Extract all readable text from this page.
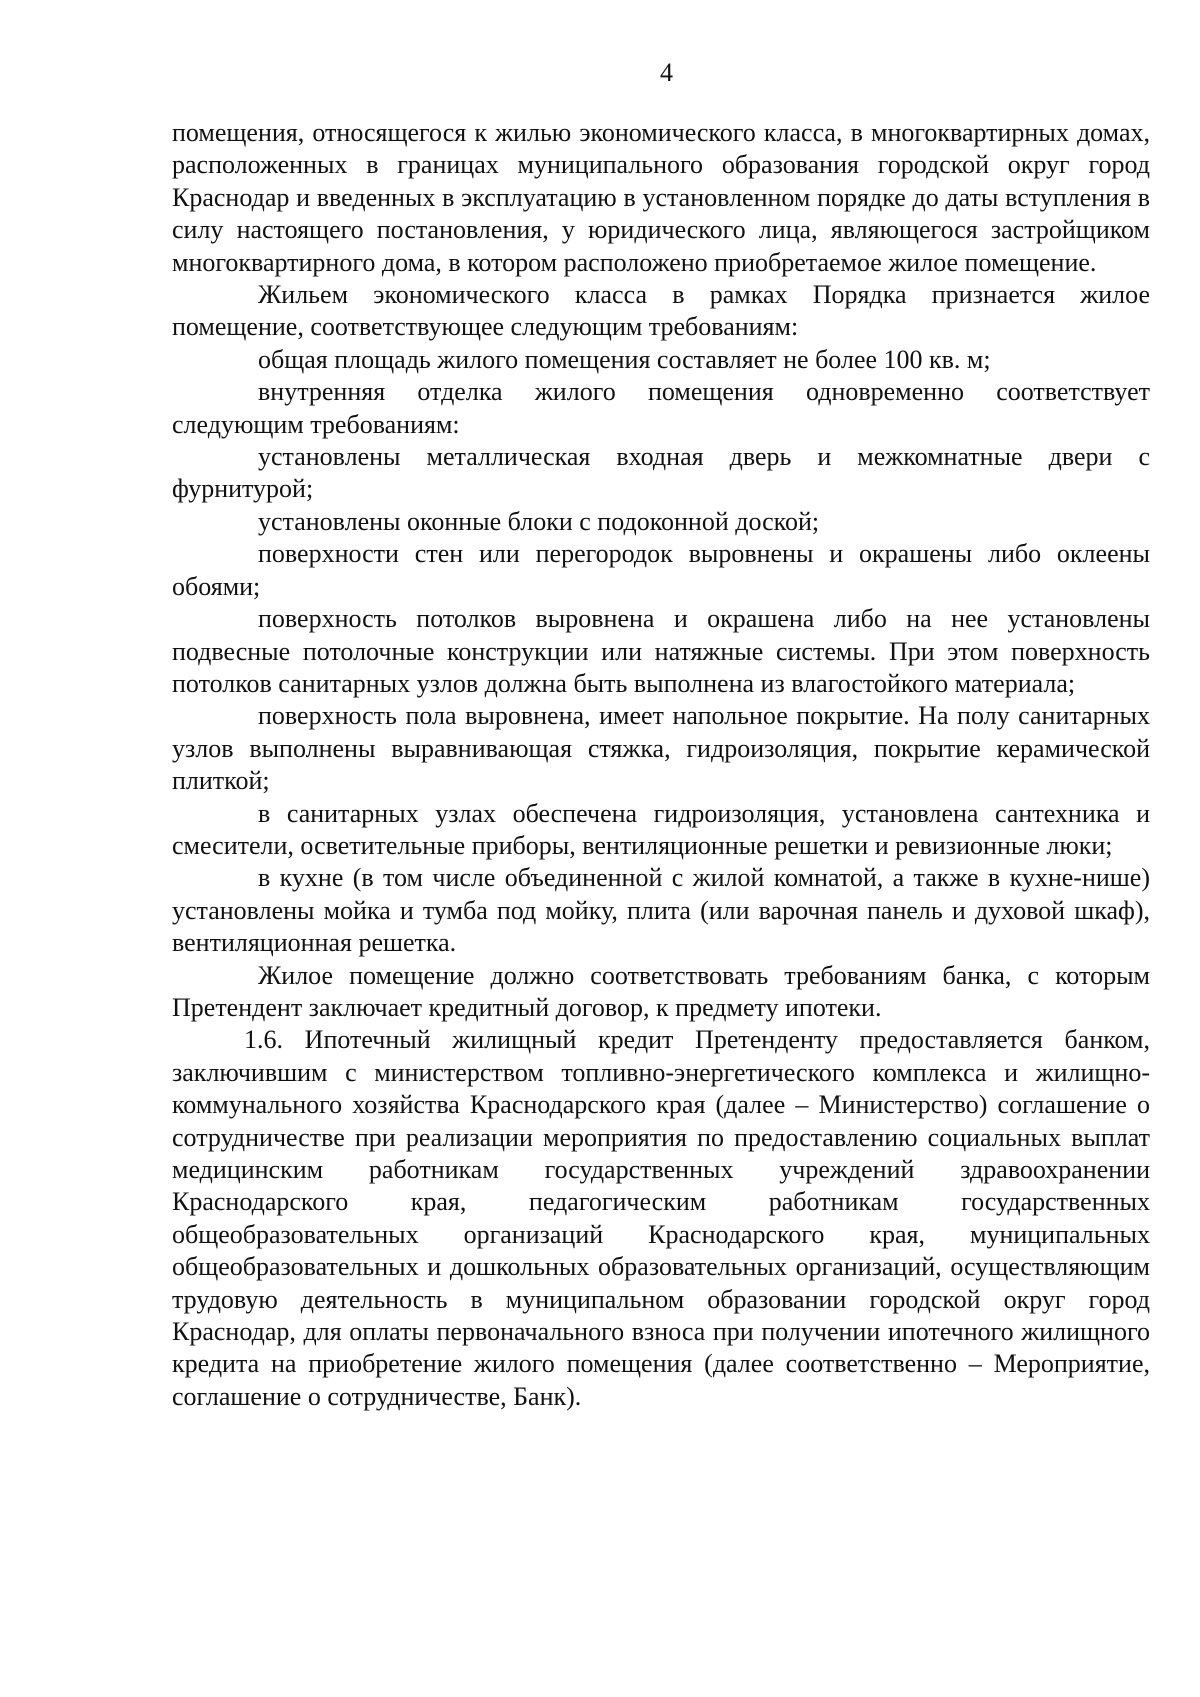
4

помещения, относящегося к жилью экономического класса, в многоквартирных домах, расположенных в границах муниципального образования городской округ город Краснодар и введенных в эксплуатацию в установленном порядке до даты вступления в силу настоящего постановления, у юридического лица, являющегося застройщиком многоквартирного дома, в котором расположено приобретаемое жилое помещение.

Жильем экономического класса в рамках Порядка признается жилое помещение, соответствующее следующим требованиям:

общая площадь жилого помещения составляет не более 100 кв. м;

внутренняя отделка жилого помещения одновременно соответствует следующим требованиям:

установлены металлическая входная дверь и межкомнатные двери с фурнитурой;

установлены оконные блоки с подоконной доской;

поверхности стен или перегородок выровнены и окрашены либо оклеены обоями;

поверхность потолков выровнена и окрашена либо на нее установлены подвесные потолочные конструкции или натяжные системы. При этом поверхность потолков санитарных узлов должна быть выполнена из влагостойкого материала;

поверхность пола выровнена, имеет напольное покрытие. На полу санитарных узлов выполнены выравнивающая стяжка, гидроизоляция, покрытие керамической плиткой;

в санитарных узлах обеспечена гидроизоляция, установлена сантехника и смесители, осветительные приборы, вентиляционные решетки и ревизионные люки;

в кухне (в том числе объединенной с жилой комнатой, а также в кухне-нише) установлены мойка и тумба под мойку, плита (или варочная панель и духовой шкаф), вентиляционная решетка.

Жилое помещение должно соответствовать требованиям банка, с которым Претендент заключает кредитный договор, к предмету ипотеки.

1.6. Ипотечный жилищный кредит Претенденту предоставляется банком, заключившим с министерством топливно-энергетического комплекса и жилищно-коммунального хозяйства Краснодарского края (далее – Министерство) соглашение о сотрудничестве при реализации мероприятия по предоставлению социальных выплат медицинским работникам государственных учреждений здравоохранении Краснодарского края, педагогическим работникам государственных общеобразовательных организаций Краснодарского края, муниципальных общеобразовательных и дошкольных образовательных организаций, осуществляющим трудовую деятельность в муниципальном образовании городской округ город Краснодар, для оплаты первоначального взноса при получении ипотечного жилищного кредита на приобретение жилого помещения (далее соответственно – Мероприятие, соглашение о сотрудничестве, Банк).
